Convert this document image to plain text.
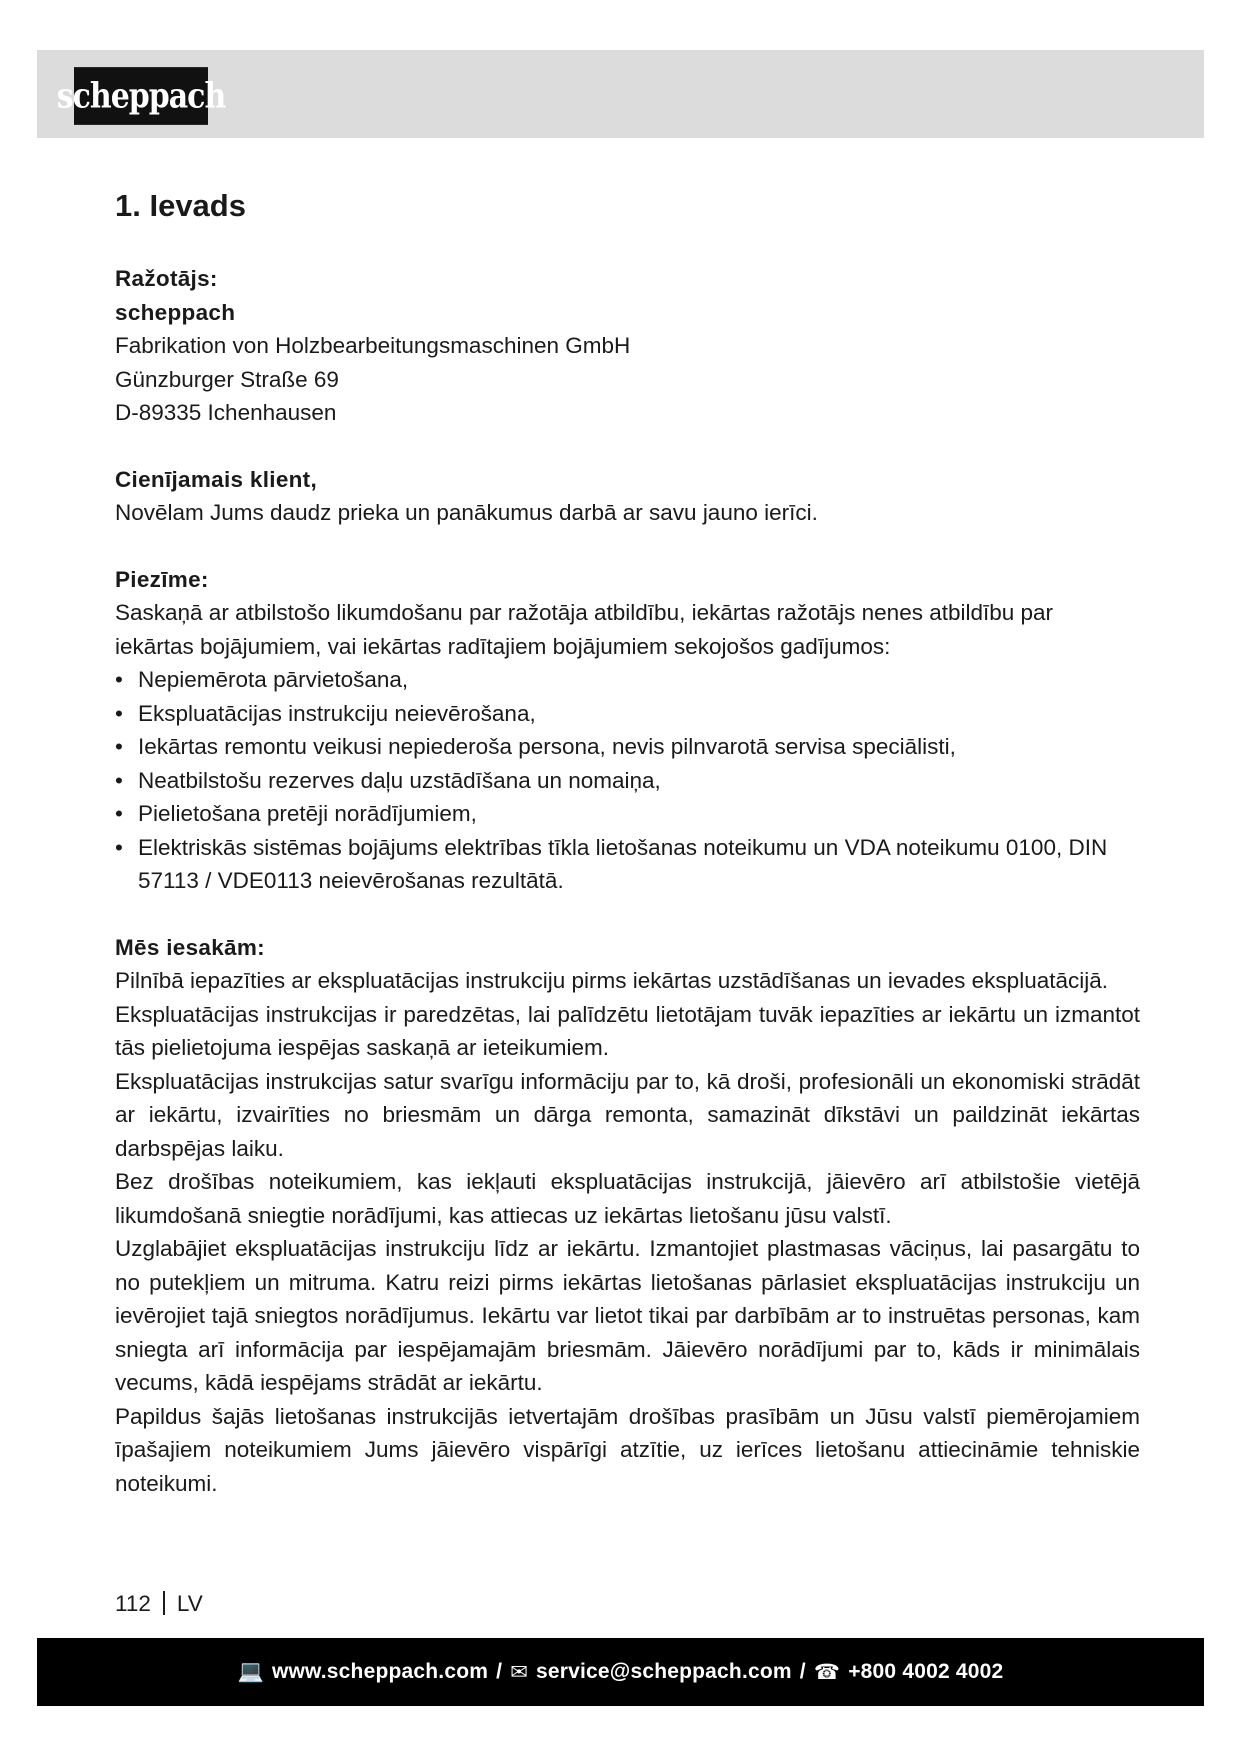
scheppach
1. Ievads
Ražotājs:
scheppach
Fabrikation von Holzbearbeitungsmaschinen GmbH
Günzburger Straße 69
D-89335 Ichenhausen
Cienījamais klient,

Novēlam Jums daudz prieka un panākumus darbā ar savu jauno ierīci.

Piezīme:

Saskaņā ar atbilstošo likumdošanu par ražotāja atbildību, iekārtas ražotājs nenes atbildību par iekārtas bojājumiem, vai iekārtas radītajiem bojājumiem sekojošos gadījumos:

• Nepiemērota pārvietošana,
• Ekspluatācijas instrukciju neievērošana,
• Iekārtas remontu veikusi nepiederoša persona, nevis pilnvarotā servisa speciālisti,
• Neatbilstošu rezerves daļu uzstādīšana un nomaiņa,
• Pielietošana pretēji norādījumiem,
• Elektriskās sistēmas bojājums elektrības tīkla lietošanas noteikumu un VDA noteikumu 0100, DIN 57113 / VDE0113 neievērošanas rezultātā.
Mēs iesakām:

Pilnībā iepazīties ar ekspluatācijas instrukciju pirms iekārtas uzstādīšanas un ievades ekspluatācijā.

Ekspluatācijas instrukcijas ir paredzētas, lai palīdzētu lietotājam tuvāk iepazīties ar iekārtu un izmantot tās pielietojuma iespējas saskaņā ar ieteikumiem.

Ekspluatācijas instrukcijas satur svarīgu informāciju par to, kā droši, profesionāli un ekonomiski strādāt ar iekārtu, izvairīties no briesmām un dārga remonta, samazināt dīkstāvi un paildzināt iekārtas darbspējas laiku.

Bez drošības noteikumiem, kas iekļauti ekspluatācijas instrukcijā, jāievēro arī atbilstošie vietējā likumdošanā sniegtie norādījumi, kas attiecas uz iekārtas lietošanu jūsu valstī.

Uzglabājiet ekspluatācijas instrukciju līdz ar iekārtu. Izmantojiet plastmasas vāciņus, lai pasargātu to no putekļiem un mitruma. Katru reizi pirms iekārtas lietošanas pārlasiet ekspluatācijas instrukciju un ievērojiet tajā sniegtos norādījumus. Iekārtu var lietot tikai par darbībām ar to instruētas personas, kam sniegta arī informācija par iespējamajām briesmām. Jāievēro norādījumi par to, kāds ir minimālais vecums, kādā iespējams strādāt ar iekārtu.

Papildus šajās lietošanas instrukcijās ietvertajām drošības prasībām un Jūsu valstī piemērojamiem īpašajiem noteikumiem Jums jāievēro vispārīgi atzītie, uz ierīces lietošanu attiecināmie tehniskie noteikumi.

112 LV
💻 www.scheppach.com / ✉ service@scheppach.com / ☎ +800 4002 4002
